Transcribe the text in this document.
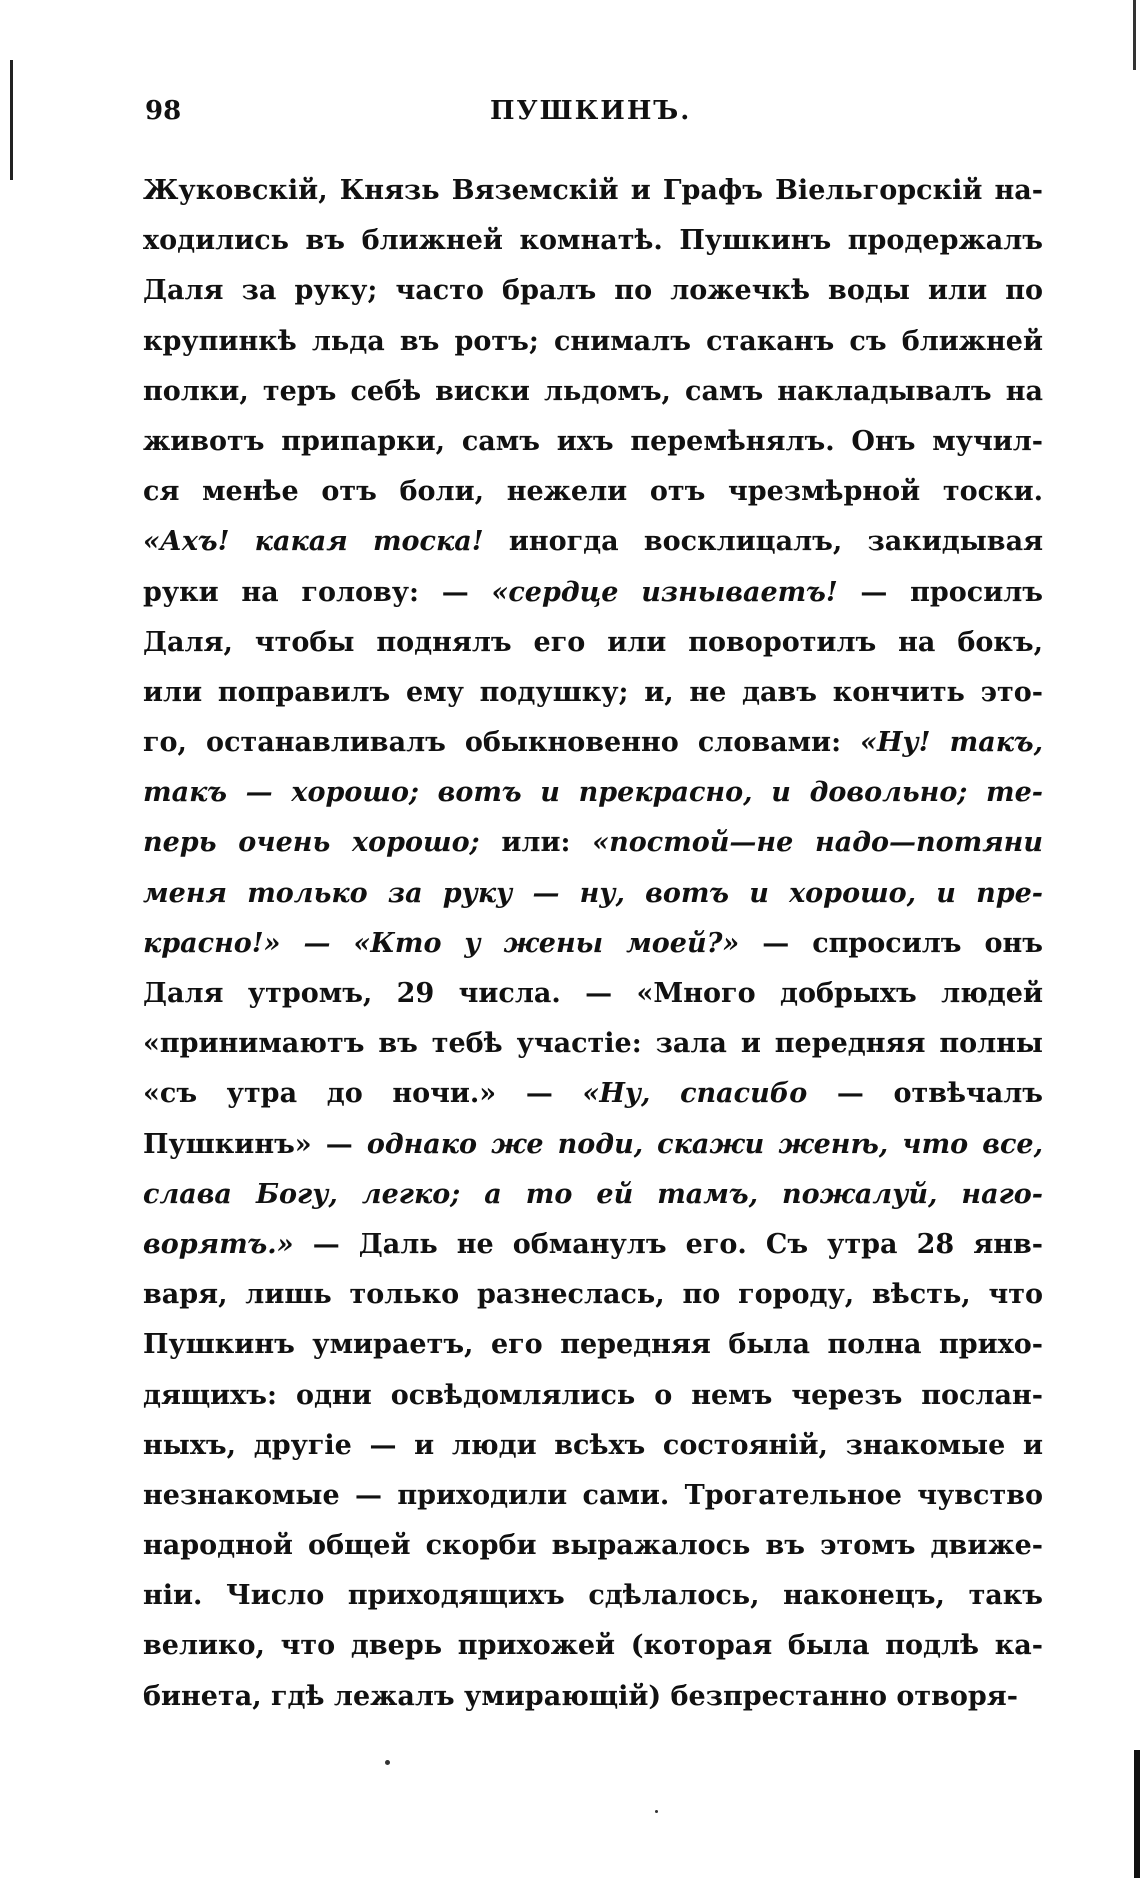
98	ПУШКИНЪ.
Жуковскій, Князь Вяземскій и Графъ Віельгорскій на-
ходились въ ближней комнатѣ. Пушкинъ продержалъ
Даля за руку; часто бралъ по ложечкѣ воды или по
крупинкѣ льда въ ротъ; снималъ стаканъ съ ближней
полки, теръ себѣ виски льдомъ, самъ накладывалъ на
животъ припарки, самъ ихъ перемѣнялъ. Онъ мучил-
ся менѣе отъ боли, нежели отъ чрезмѣрной тоски.
«Ахъ! какая тоска! иногда восклицалъ, закидывая
руки на голову: — «сердце изнываетъ! — просилъ
Даля, чтобы поднялъ его или поворотилъ на бокъ,
или поправилъ ему подушку; и, не давъ кончить это-
го, останавливалъ обыкновенно словами: «Ну! такъ,
такъ — хорошо; вотъ и прекрасно, и довольно; те-
перь очень хорошо; или: «постой—не надо—потяни
меня только за руку — ну, вотъ и хорошо, и пре-
красно!» — «Кто у жены моей?» — спросилъ онъ
Даля утромъ, 29 числа. — «Много добрыхъ людей
«принимаютъ въ тебѣ участіе: зала и передняя полны
«съ утра до ночи.» — «Ну, спасибо — отвѣчалъ
Пушкинъ» — однако же поди, скажи женѣ, что все,
слава Богу, легко; а то ей тамъ, пожалуй, наго-
ворятъ.» — Даль не обманулъ его. Съ утра 28 янв-
варя, лишь только разнеслась, по городу, вѣсть, что
Пушкинъ умираетъ, его передняя была полна прихо-
дящихъ: одни освѣдомлялись о немъ черезъ послан-
ныхъ, другіе — и люди всѣхъ состояній, знакомые и
незнакомые — приходили сами. Трогательное чувство
народной общей скорби выражалось въ этомъ движе-
ніи. Число приходящихъ сдѣлалось, наконецъ, такъ
велико, что дверь прихожей (которая была подлѣ ка-
бинета, гдѣ лежалъ умирающій) безпрестанно отворя-
